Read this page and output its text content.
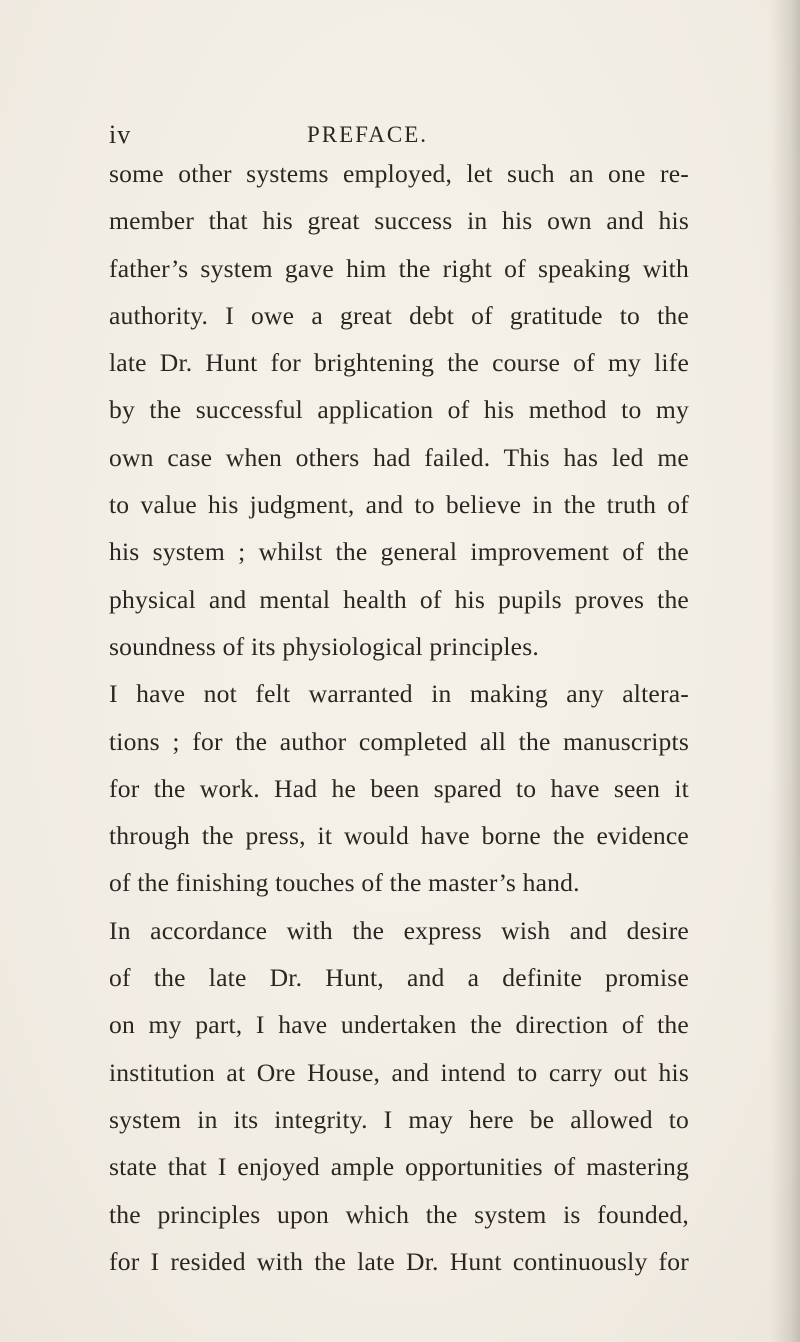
iv	PREFACE.
some other systems employed, let such an one re-
member that his great success in his own and his
father’s system gave him the right of speaking with
authority. I owe a great debt of gratitude to the
late Dr. Hunt for brightening the course of my life
by the successful application of his method to my
own case when others had failed. This has led me
to value his judgment, and to believe in the truth of
his system ; whilst the general improvement of the
physical and mental health of his pupils proves the
soundness of its physiological principles.
I have not felt warranted in making any altera-
tions ; for the author completed all the manuscripts
for the work. Had he been spared to have seen it
through the press, it would have borne the evidence
of the finishing touches of the master’s hand.
In accordance with the express wish and desire
of the late Dr. Hunt, and a definite promise
on my part, I have undertaken the direction of the
institution at Ore House, and intend to carry out his
system in its integrity. I may here be allowed to
state that I enjoyed ample opportunities of mastering
the principles upon which the system is founded,
for I resided with the late Dr. Hunt continuously for
